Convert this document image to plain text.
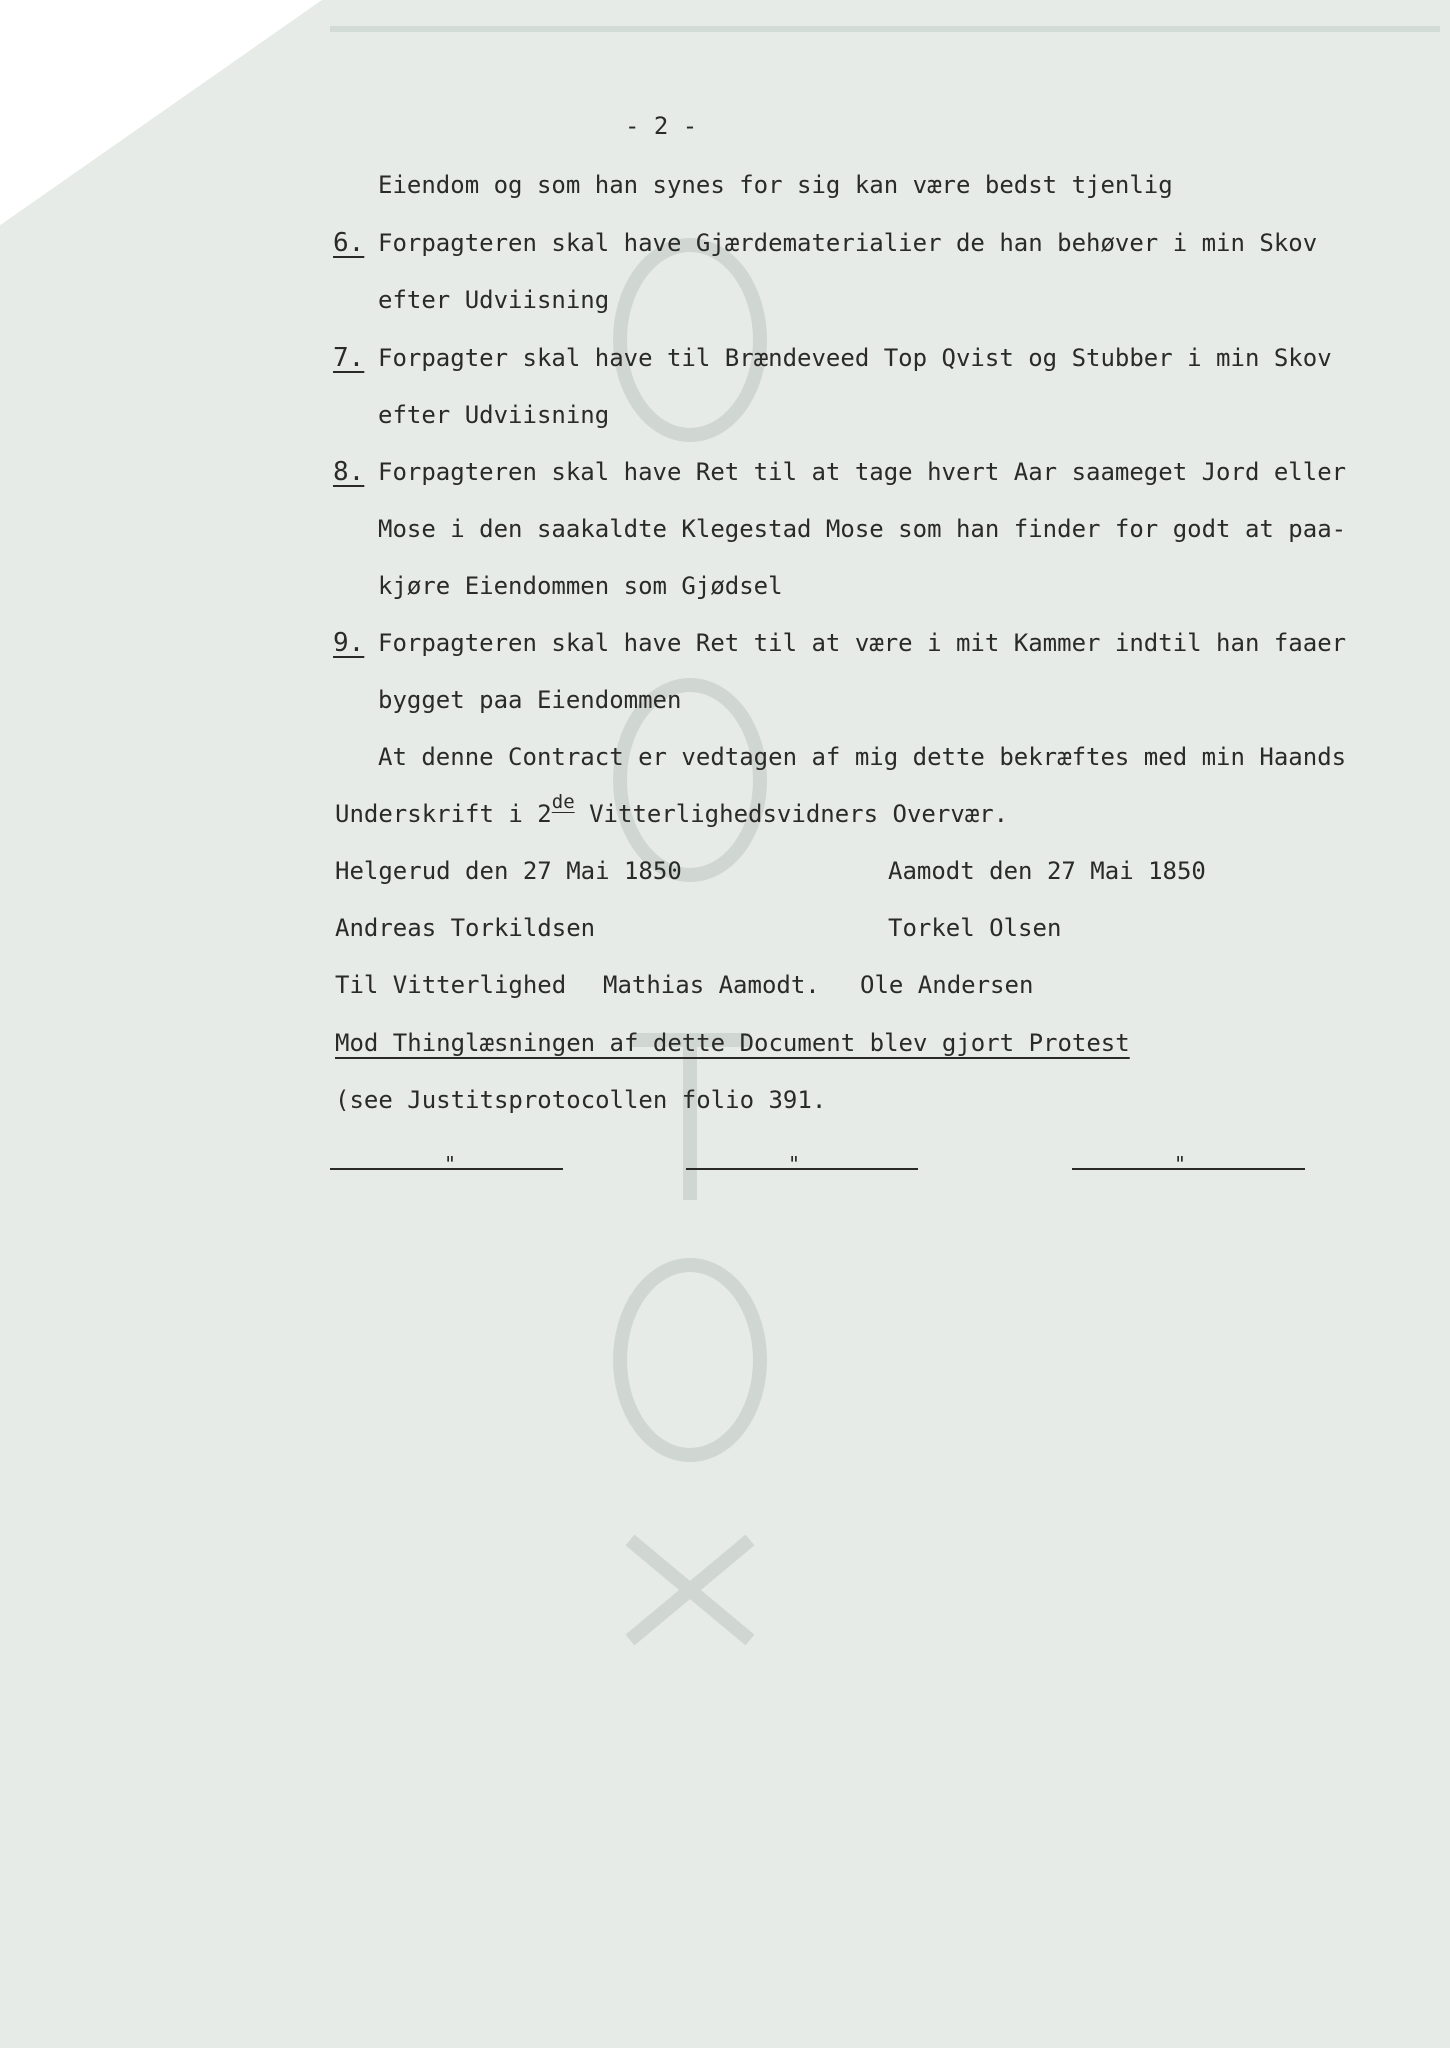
- 2 -
Eiendom og som han synes for sig kan være bedst tjenlig
6. Forpagteren skal have Gjærdematerialier de han behøver i min Skov
efter Udviisning
7. Forpagter skal have til Brændeveed Top Qvist og Stubber i min Skov
efter Udviisning
8. Forpagteren skal have Ret til at tage hvert Aar saameget Jord eller
Mose i den saakaldte Klegestad Mose som han finder for godt at paa-
kjøre Eiendommen som Gjødsel
9. Forpagteren skal have Ret til at være i mit Kammer indtil han faaer
bygget paa Eiendommen
At denne Contract er vedtagen af mig dette bekræftes med min Haands
Underskrift i 2de Vitterlighedsvidners Overvær.
Helgerud den 27 Mai 1850	Aamodt den 27 Mai 1850
Andreas Torkildsen	Torkel Olsen
Til Vitterlighed Mathias Aamodt. Ole Andersen
Mod Thinglæsningen af dette Document blev gjort Protest
(see Justitsprotocollen folio 391.
"	"	"
